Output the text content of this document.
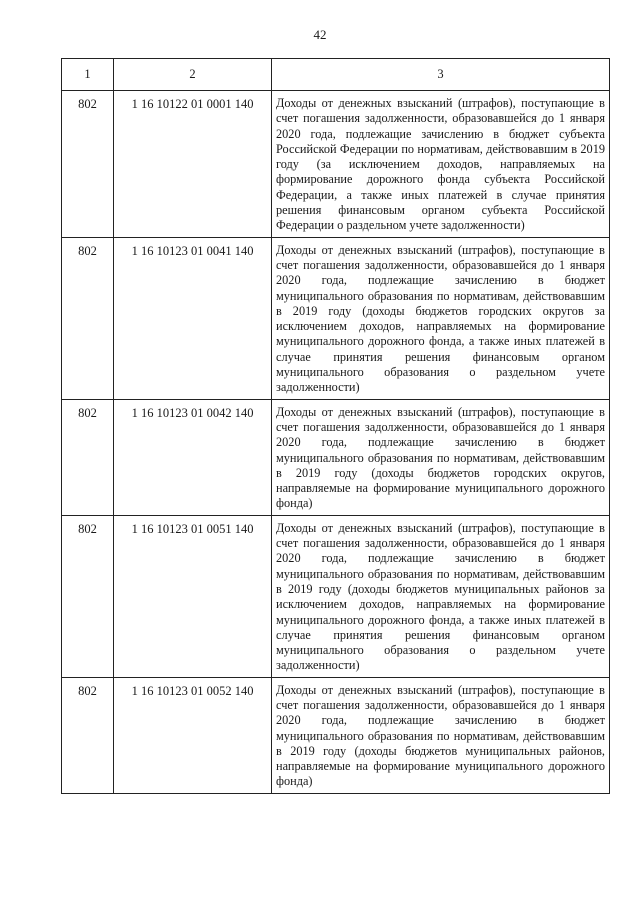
42
1	2	3
802	1 16 10122 01 0001 140	Доходы от денежных взысканий (штрафов), поступающие в счет погашения задолженности, образовавшейся до 1 января 2020 года, подлежащие зачислению в бюджет субъекта Российской Федерации по нормативам, действовавшим в 2019 году (за исключением доходов, направляемых на формирование дорожного фонда субъекта Российской Федерации, а также иных платежей в случае принятия решения финансовым органом субъекта Российской Федерации о раздельном учете задолженности)
802	1 16 10123 01 0041 140	Доходы от денежных взысканий (штрафов), поступающие в счет погашения задолженности, образовавшейся до 1 января 2020 года, подлежащие зачислению в бюджет муниципального образования по нормативам, действовавшим в 2019 году (доходы бюджетов городских округов за исключением доходов, направляемых на формирование муниципального дорожного фонда, а также иных платежей в случае принятия решения финансовым органом муниципального образования о раздельном учете задолженности)
802	1 16 10123 01 0042 140	Доходы от денежных взысканий (штрафов), поступающие в счет погашения задолженности, образовавшейся до 1 января 2020 года, подлежащие зачислению в бюджет муниципального образования по нормативам, действовавшим в 2019 году (доходы бюджетов городских округов, направляемые на формирование муниципального дорожного фонда)
802	1 16 10123 01 0051 140	Доходы от денежных взысканий (штрафов), поступающие в счет погашения задолженности, образовавшейся до 1 января 2020 года, подлежащие зачислению в бюджет муниципального образования по нормативам, действовавшим в 2019 году (доходы бюджетов муниципальных районов за исключением доходов, направляемых на формирование муниципального дорожного фонда, а также иных платежей в случае принятия решения финансовым органом муниципального образования о раздельном учете задолженности)
802	1 16 10123 01 0052 140	Доходы от денежных взысканий (штрафов), поступающие в счет погашения задолженности, образовавшейся до 1 января 2020 года, подлежащие зачислению в бюджет муниципального образования по нормативам, действовавшим в 2019 году (доходы бюджетов муниципальных районов, направляемые на формирование муниципального дорожного фонда)
